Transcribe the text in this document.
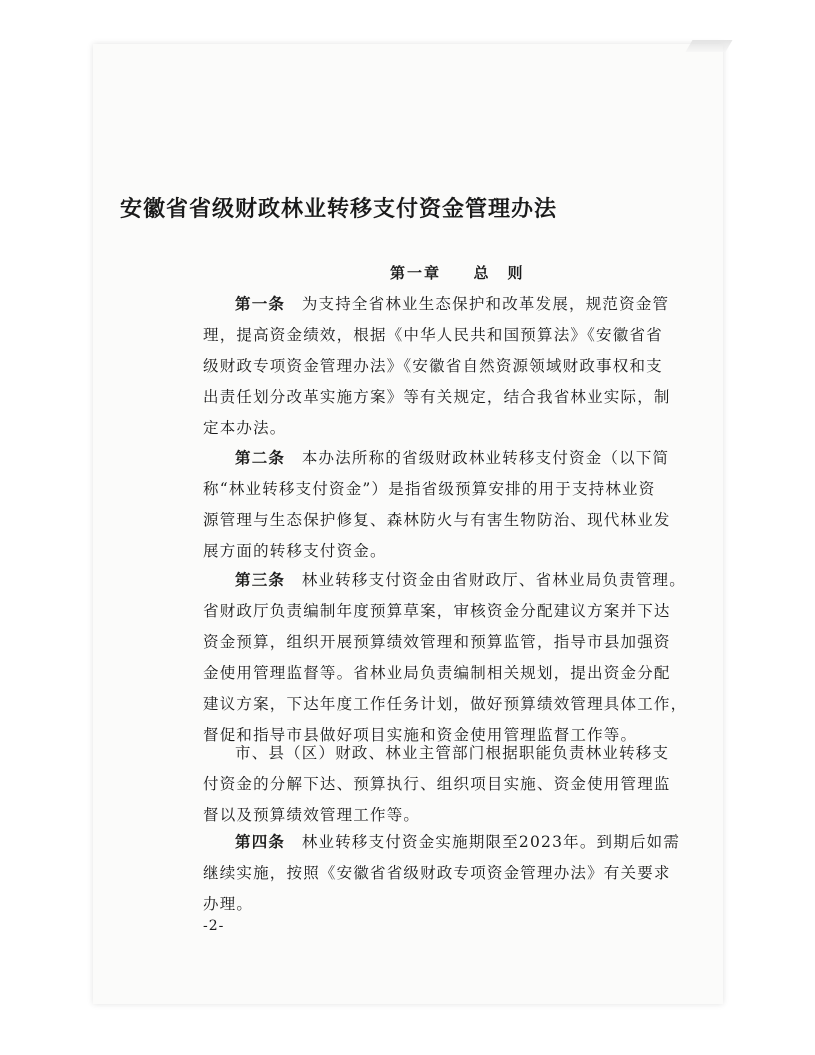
安徽省省级财政林业转移支付资金管理办法
第一章 总　则
第一条　 为支持全省林业生态保护和改革发展，规范资金管
理，提高资金绩效，根据《中华人民共和国预算法》《安徽省省
级财政专项资金管理办法》《安徽省自然资源领域财政事权和支
出责任划分改革实施方案》等有关规定，结合我省林业实际，制
定本办法。
第二条　 本办法所称的省级财政林业转移支付资金（以下简
称“林业转移支付资金”）是指省级预算安排的用于支持林业资
源管理与生态保护修复、森林防火与有害生物防治、现代林业发
展方面的转移支付资金。
第三条　 林业转移支付资金由省财政厅、省林业局负责管理。
省财政厅负责编制年度预算草案，审核资金分配建议方案并下达
资金预算，组织开展预算绩效管理和预算监管，指导市县加强资
金使用管理监督等。省林业局负责编制相关规划，提出资金分配
建议方案，下达年度工作任务计划，做好预算绩效管理具体工作，
督促和指导市县做好项目实施和资金使用管理监督工作等。
市、县（区）财政、林业主管部门根据职能负责林业转移支
付资金的分解下达、预算执行、组织项目实施、资金使用管理监
督以及预算绩效管理工作等。
第四条　 林业转移支付资金实施期限至2023年。到期后如需
继续实施，按照《安徽省省级财政专项资金管理办法》有关要求
办理。
-2-
